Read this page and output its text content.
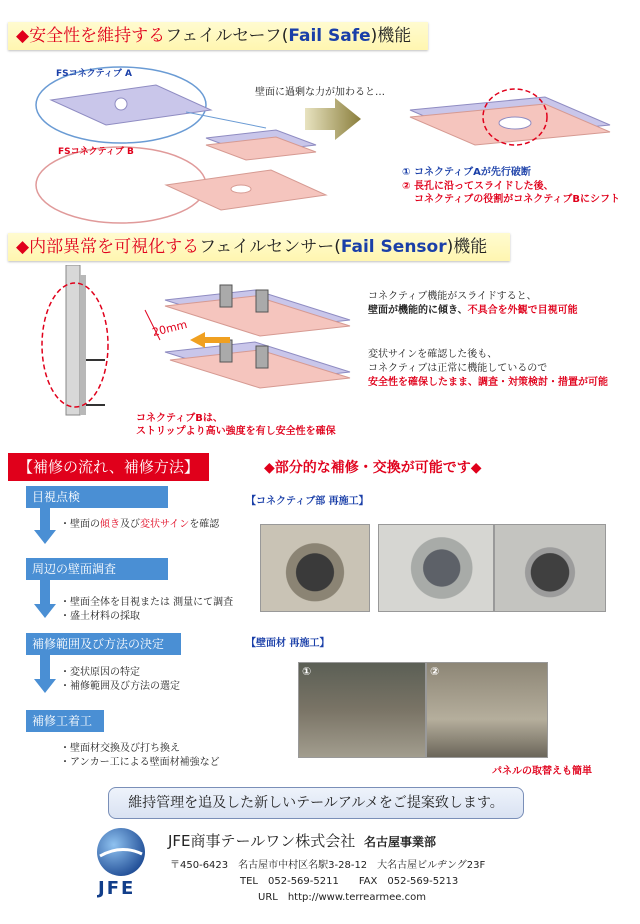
◆安全性を維持するフェイルセーフ(Fail Safe)機能
FSコネクティブ A
FSコネクティブ B
壁面に過剰な力が加わると…
① コネクティブAが先行破断
② 長孔に沿ってスライドした後、
コネクティブの役割がコネクティブBにシフト
◆内部異常を可視化するフェイルセンサー(Fail Sensor)機能
20mm
コネクティブBは、
ストリップより高い強度を有し安全性を確保
コネクティブ機能がスライドすると、
壁面が機能的に傾き、不具合を外観で目視可能
変状サインを確認した後も、
コネクティブは正常に機能しているので
安全性を確保したまま、調査・対策検討・措置が可能
【補修の流れ、補修方法】	◆部分的な補修・交換が可能です◆
目視点検
・壁面の傾き及び変状サインを確認
周辺の壁面調査
・壁面全体を目視または 測量にて調査
・盛土材料の採取
補修範囲及び方法の決定
・変状原因の特定
・補修範囲及び方法の選定
補修工着工
・壁面材交換及び打ち換え
・アンカー工による壁面材補強など
【コネクティブ部 再施工】
【壁面材 再施工】
①	②
パネルの取替えも簡単
維持管理を追及した新しいテールアルメをご提案致します。
JFE
JFE商事テールワン株式会社 名古屋事業部
〒450-6423　名古屋市中村区名駅3-28-12　大名古屋ビルヂング23F
TEL　052-569-5211　　FAX　052-569-5213
URL　http://www.terrearmee.com
